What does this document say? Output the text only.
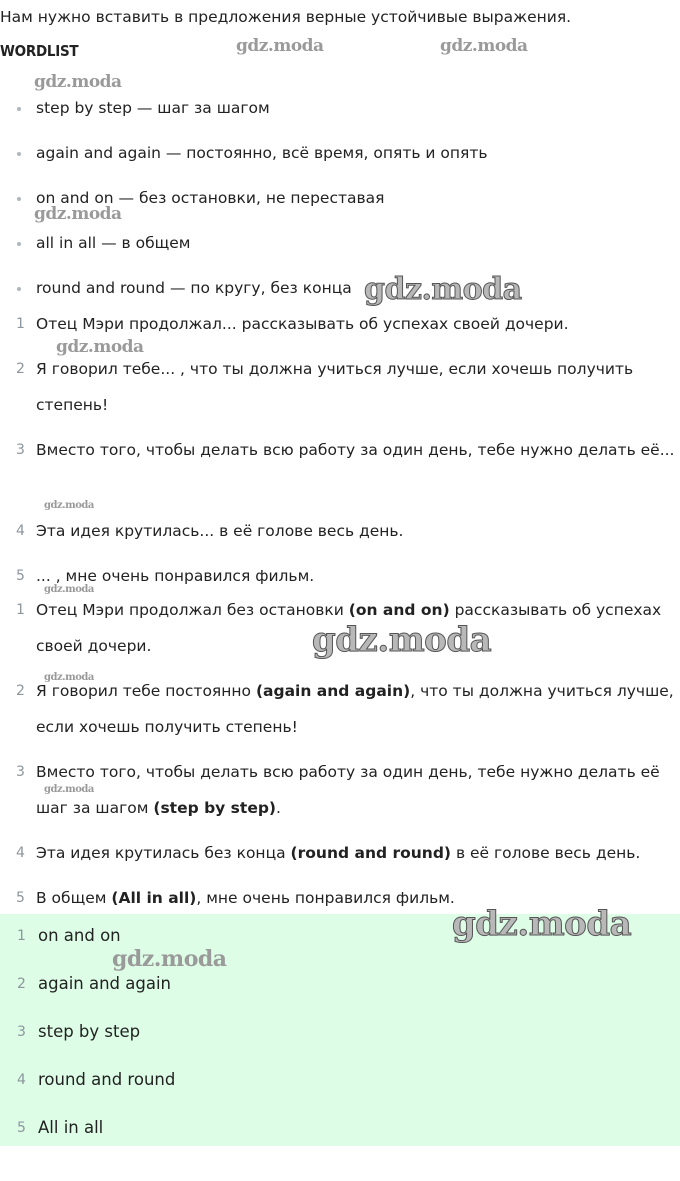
Нам нужно вставить в предложения верные устойчивые выражения.

WORDLIST
step by step — шаг за шагом
again and again — постоянно, всё время, опять и опять
on and on — без остановки, не переставая
all in all — в общем
round and round — по кругу, без конца
1 Отец Мэри продолжал... рассказывать об успехах своей дочери.
2 Я говорил тебе... , что ты должна учиться лучше, если хочешь получить степень!
3 Вместо того, чтобы делать всю работу за один день, тебе нужно делать её...
4 Эта идея крутилась... в её голове весь день.
5 ... , мне очень понравился фильм.
1 Отец Мэри продолжал без остановки (on and on) рассказывать об успехах своей дочери.
2 Я говорил тебе постоянно (again and again), что ты должна учиться лучше, если хочешь получить степень!
3 Вместо того, чтобы делать всю работу за один день, тебе нужно делать её шаг за шагом (step by step).
4 Эта идея крутилась без конца (round and round) в её голове весь день.
5 В общем (All in all), мне очень понравился фильм.
1 on and on
2 again and again
3 step by step
4 round and round
5 All in all
gdz.moda	gdz.moda
gdz.moda
gdz.moda
gdz.moda
gdz.moda
gdz.moda
gdz.moda
gdz.moda
gdz.moda
gdz.moda
gdz.moda
gdz.moda
